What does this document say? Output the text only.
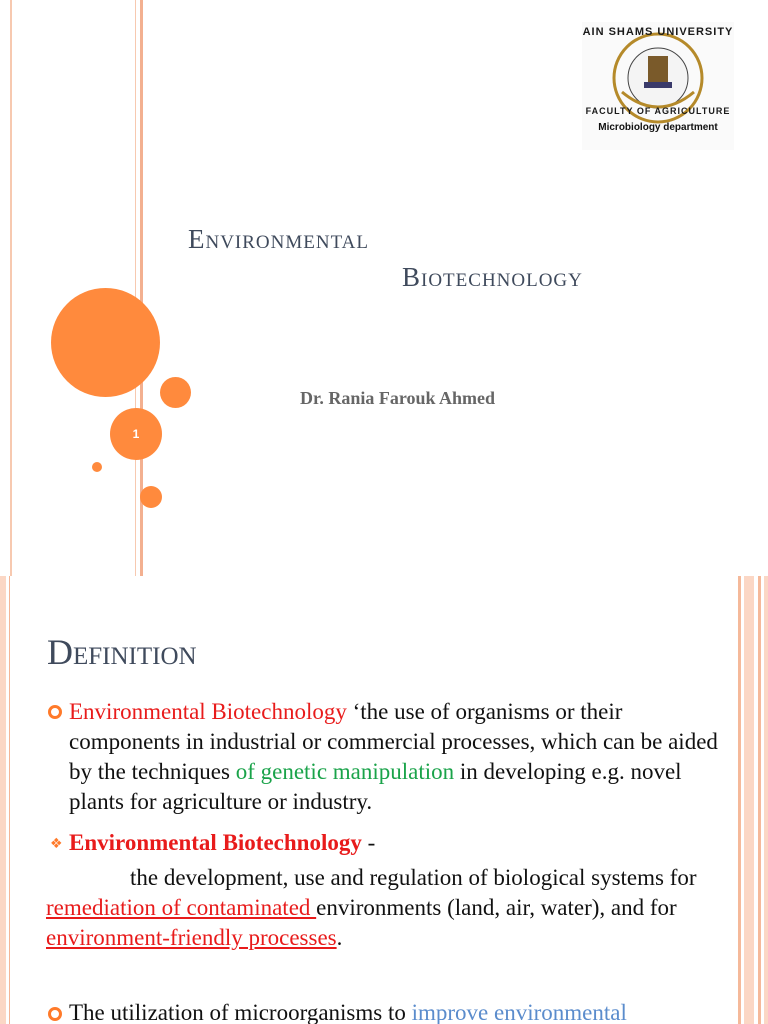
1
AIN SHAMS UNIVERSITY
FACULTY OF AGRICULTURE
Microbiology department
Environmental
Biotechnology
Dr. Rania Farouk Ahmed
Definition
Environmental Biotechnology ‘the use of organisms or their components in industrial or commercial processes, which can be aided by the techniques of genetic manipulation in developing e.g. novel plants for agriculture or industry.
❖ Environmental Biotechnology -
the development, use and regulation of biological systems for remediation of contaminated environments (land, air, water), and for environment-friendly processes.
The utilization of microorganisms to improve environmental
